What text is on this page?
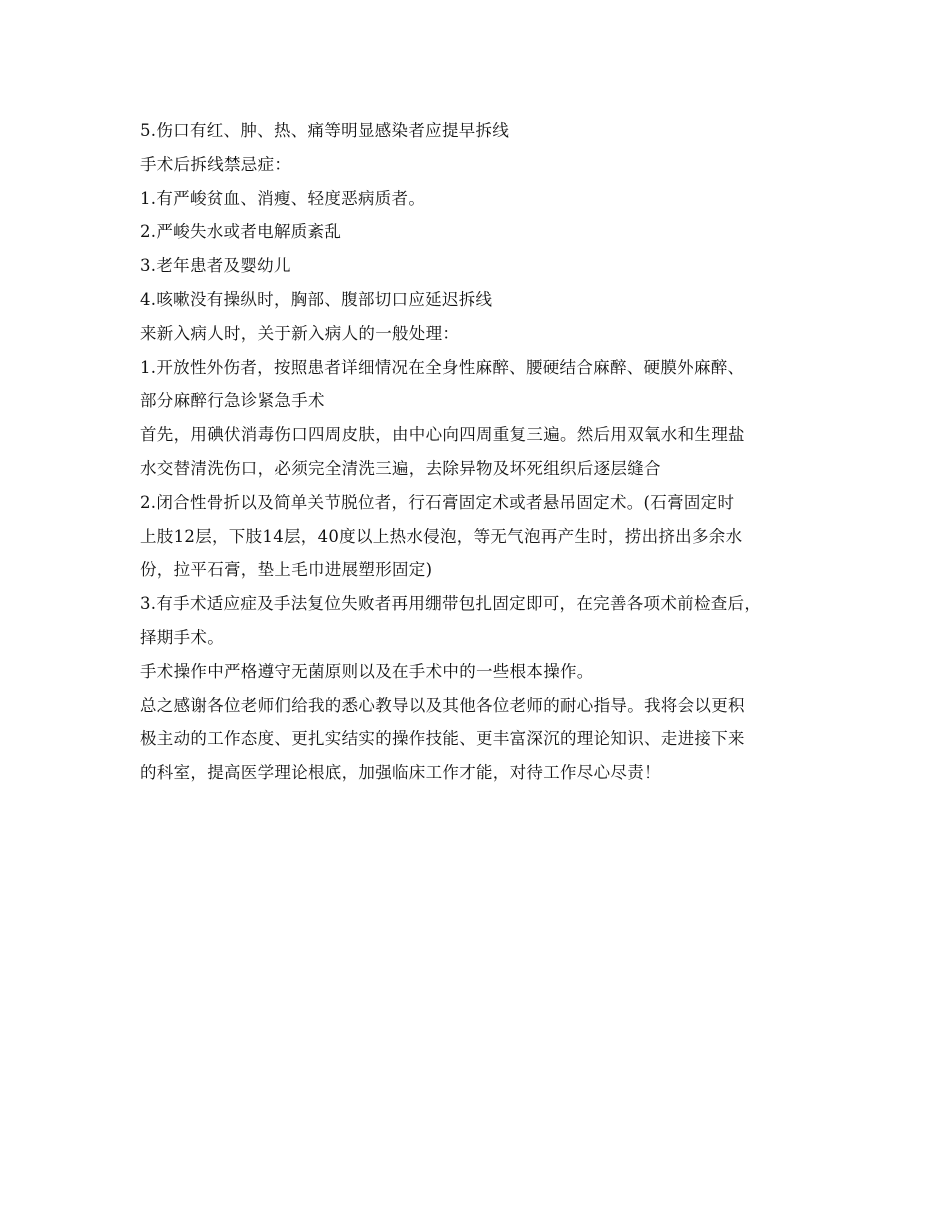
5.伤口有红、肿、热、痛等明显感染者应提早拆线

手术后拆线禁忌症：

1.有严峻贫血、消瘦、轻度恶病质者。

2.严峻失水或者电解质紊乱

3.老年患者及婴幼儿

4.咳嗽没有操纵时，胸部、腹部切口应延迟拆线

来新入病人时，关于新入病人的一般处理：

1.开放性外伤者，按照患者详细情况在全身性麻醉、腰硬结合麻醉、硬膜外麻醉、

部分麻醉行急诊紧急手术

首先，用碘伏消毒伤口四周皮肤，由中心向四周重复三遍。然后用双氧水和生理盐

水交替清洗伤口，必须完全清洗三遍，去除异物及坏死组织后逐层缝合

2.闭合性骨折以及简单关节脱位者，行石膏固定术或者悬吊固定术。(石膏固定时

上肢12层，下肢14层，40度以上热水侵泡，等无气泡再产生时，捞出挤出多余水

份，拉平石膏，垫上毛巾进展塑形固定)

3.有手术适应症及手法复位失败者再用绷带包扎固定即可，在完善各项术前检查后，

择期手术。

手术操作中严格遵守无菌原则以及在手术中的一些根本操作。

总之感谢各位老师们给我的悉心教导以及其他各位老师的耐心指导。我将会以更积

极主动的工作态度、更扎实结实的操作技能、更丰富深沉的理论知识、走进接下来

的科室，提高医学理论根底，加强临床工作才能，对待工作尽心尽责！
